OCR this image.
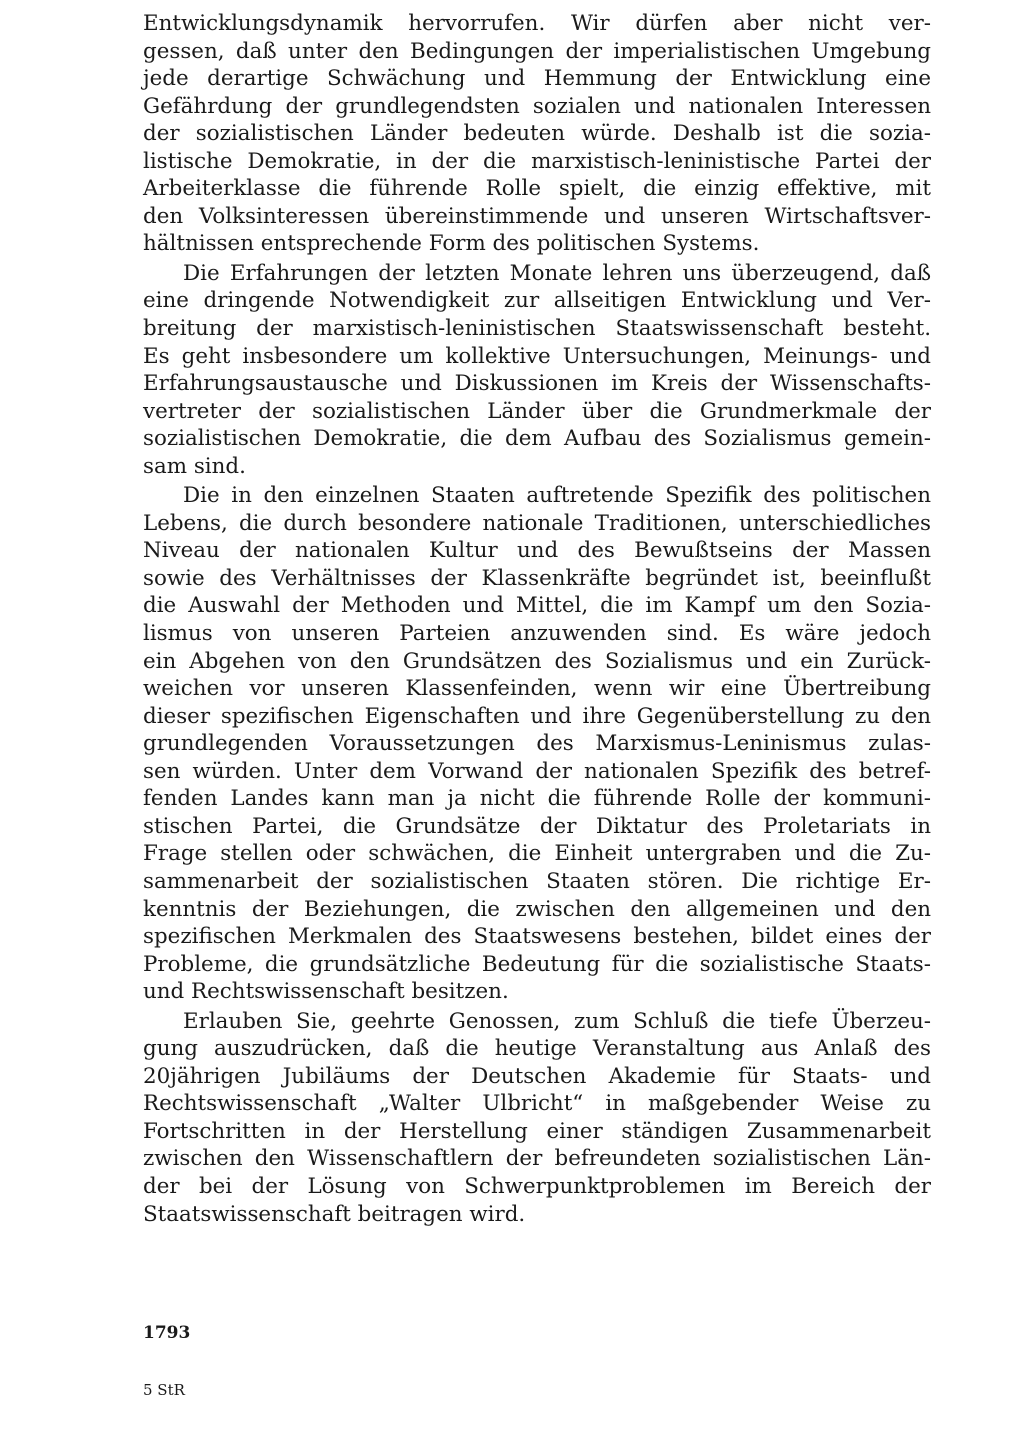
Entwicklungsdynamik hervorrufen. Wir dürfen aber nicht ver-
gessen, daß unter den Bedingungen der imperialistischen Umgebung
jede derartige Schwächung und Hemmung der Entwicklung eine
Gefährdung der grundlegendsten sozialen und nationalen Interessen
der sozialistischen Länder bedeuten würde. Deshalb ist die sozia-
listische Demokratie, in der die marxistisch-leninistische Partei der
Arbeiterklasse die führende Rolle spielt, die einzig effektive, mit
den Volksinteressen übereinstimmende und unseren Wirtschaftsver-
hältnissen entsprechende Form des politischen Systems.

Die Erfahrungen der letzten Monate lehren uns überzeugend, daß
eine dringende Notwendigkeit zur allseitigen Entwicklung und Ver-
breitung der marxistisch-leninistischen Staatswissenschaft besteht.
Es geht insbesondere um kollektive Untersuchungen, Meinungs- und
Erfahrungsaustausche und Diskussionen im Kreis der Wissenschafts-
vertreter der sozialistischen Länder über die Grundmerkmale der
sozialistischen Demokratie, die dem Aufbau des Sozialismus gemein-
sam sind.

Die in den einzelnen Staaten auftretende Spezifik des politischen
Lebens, die durch besondere nationale Traditionen, unterschiedliches
Niveau der nationalen Kultur und des Bewußtseins der Massen
sowie des Verhältnisses der Klassenkräfte begründet ist, beeinflußt
die Auswahl der Methoden und Mittel, die im Kampf um den Sozia-
lismus von unseren Parteien anzuwenden sind. Es wäre jedoch
ein Abgehen von den Grundsätzen des Sozialismus und ein Zurück-
weichen vor unseren Klassenfeinden, wenn wir eine Übertreibung
dieser spezifischen Eigenschaften und ihre Gegenüberstellung zu den
grundlegenden Voraussetzungen des Marxismus-Leninismus zulas-
sen würden. Unter dem Vorwand der nationalen Spezifik des betref-
fenden Landes kann man ja nicht die führende Rolle der kommuni-
stischen Partei, die Grundsätze der Diktatur des Proletariats in
Frage stellen oder schwächen, die Einheit untergraben und die Zu-
sammenarbeit der sozialistischen Staaten stören. Die richtige Er-
kenntnis der Beziehungen, die zwischen den allgemeinen und den
spezifischen Merkmalen des Staatswesens bestehen, bildet eines der
Probleme, die grundsätzliche Bedeutung für die sozialistische Staats-
und Rechtswissenschaft besitzen.

Erlauben Sie, geehrte Genossen, zum Schluß die tiefe Überzeu-
gung auszudrücken, daß die heutige Veranstaltung aus Anlaß des
20jährigen Jubiläums der Deutschen Akademie für Staats- und
Rechtswissenschaft „Walter Ulbricht“ in maßgebender Weise zu
Fortschritten in der Herstellung einer ständigen Zusammenarbeit
zwischen den Wissenschaftlern der befreundeten sozialistischen Län-
der bei der Lösung von Schwerpunktproblemen im Bereich der
Staatswissenschaft beitragen wird.

1793
5 StR
